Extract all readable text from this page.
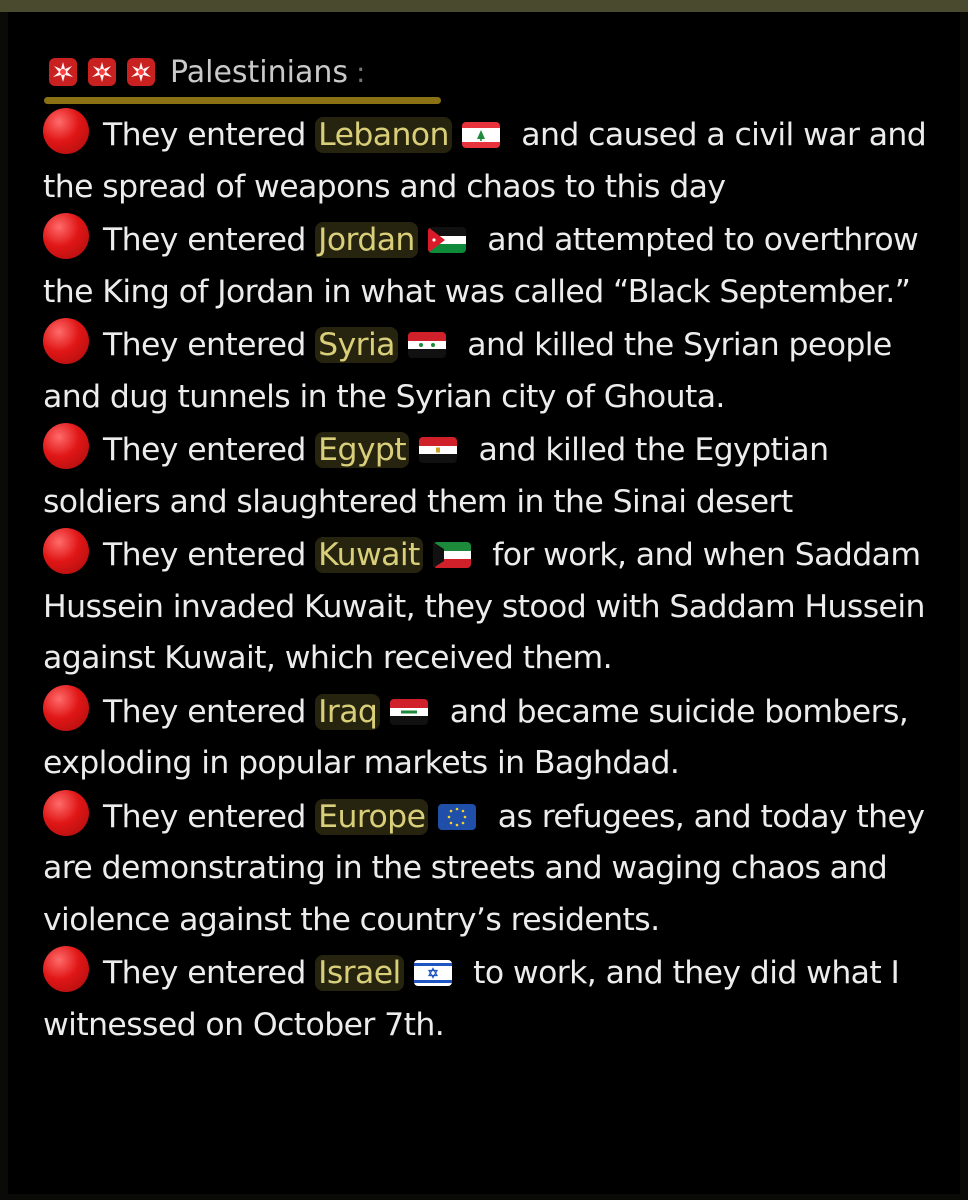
Palestinians :
They entered Lebanon
and caused a civil war and the spread of weapons and chaos to this day
They entered Jordan
and attempted to overthrow the King of Jordan in what was called “Black September.”
They entered Syria
and killed the Syrian people and dug tunnels in the Syrian city of Ghouta.
They entered Egypt
and killed the Egyptian soldiers and slaughtered them in the Sinai desert
They entered Kuwait
for work, and when Saddam Hussein invaded Kuwait, they stood with Saddam Hussein against Kuwait, which received them.
They entered Iraq
and became suicide bombers, exploding in popular markets in Baghdad.
They entered Europe
as refugees, and today they are demonstrating in the streets and waging chaos and violence against the country’s residents.
They entered Israel
to work, and they did what I witnessed on October 7th.
